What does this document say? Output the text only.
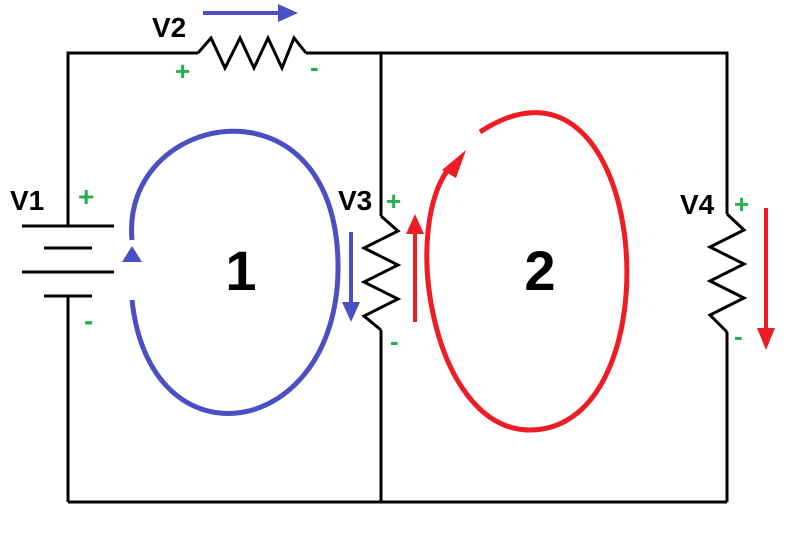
V1
V2
V3	V4
+
-
+	-
+
-
+
-
1	2
